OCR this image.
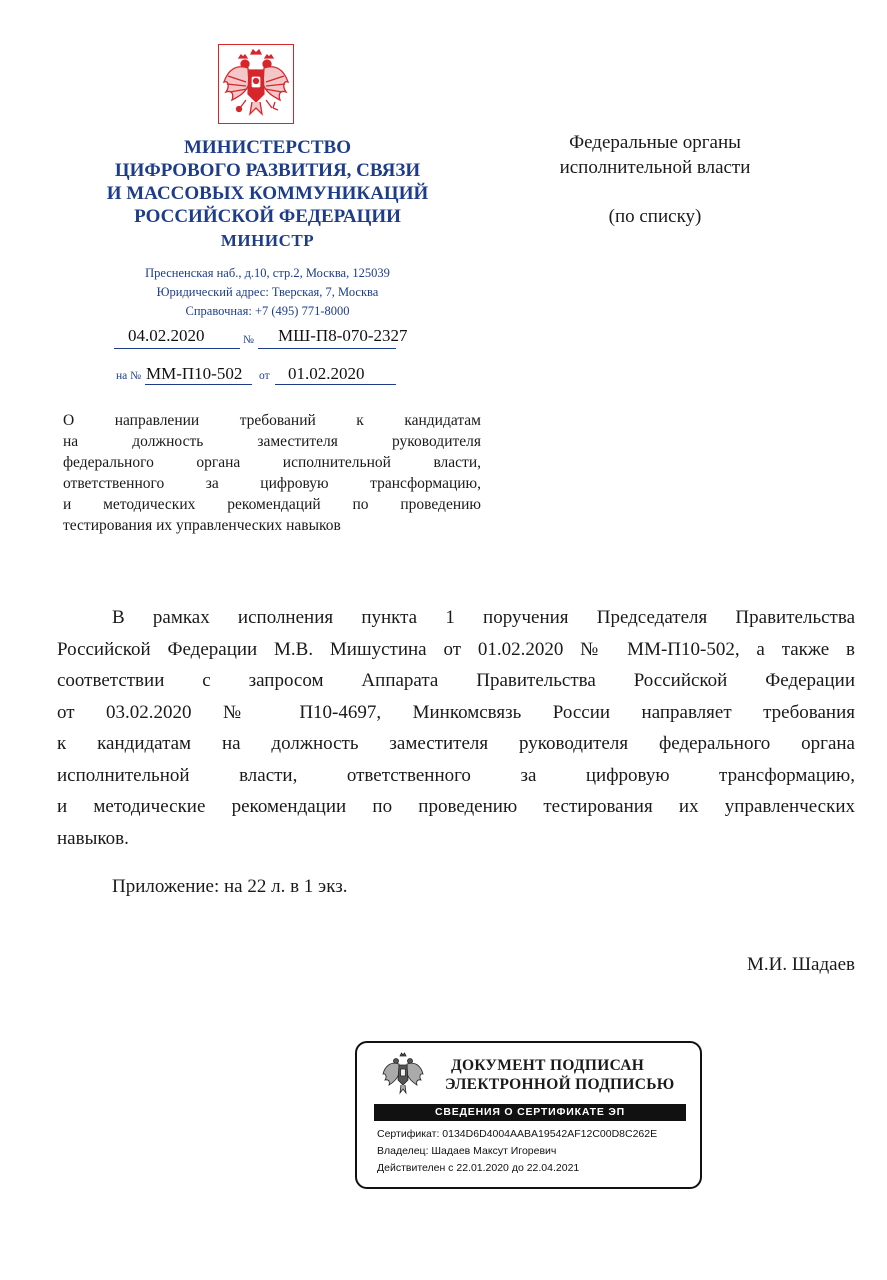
МИНИСТЕРСТВО
ЦИФРОВОГО РАЗВИТИЯ, СВЯЗИ
И МАССОВЫХ КОММУНИКАЦИЙ
РОССИЙСКОЙ ФЕДЕРАЦИИ
МИНИСТР
Пресненская наб., д.10, стр.2, Москва, 125039
Юридический адрес: Тверская, 7, Москва
Справочная: +7 (495) 771-8000
04.02.2020	№ МШ-П8-070-2327
на № ММ-П10-502 от 01.02.2020
Федеральные органы
исполнительной власти
(по списку)
О направлении требований к кандидатам
на должность заместителя руководителя
федерального органа исполнительной власти,
ответственного за цифровую трансформацию,
и методических рекомендаций по проведению
тестирования их управленческих навыков
В рамках исполнения пункта 1 поручения Председателя Правительства
Российской Федерации М.В. Мишустина от 01.02.2020 № ММ-П10-502, а также в
соответствии с запросом Аппарата Правительства Российской Федерации
от 03.02.2020 № П10-4697, Минкомсвязь России направляет требования
к кандидатам на должность заместителя руководителя федерального органа
исполнительной власти, ответственного за цифровую трансформацию,
и методические рекомендации по проведению тестирования их управленческих
навыков.
Приложение: на 22 л. в 1 экз.
М.И. Шадаев
ДОКУМЕНТ ПОДПИСАН
ЭЛЕКТРОННОЙ ПОДПИСЬЮ
СВЕДЕНИЯ О СЕРТИФИКАТЕ ЭП
Сертификат: 0134D6D4004AABA19542AF12C00D8C262E
Владелец: Шадаев Максут Игоревич
Действителен с 22.01.2020 до 22.04.2021
